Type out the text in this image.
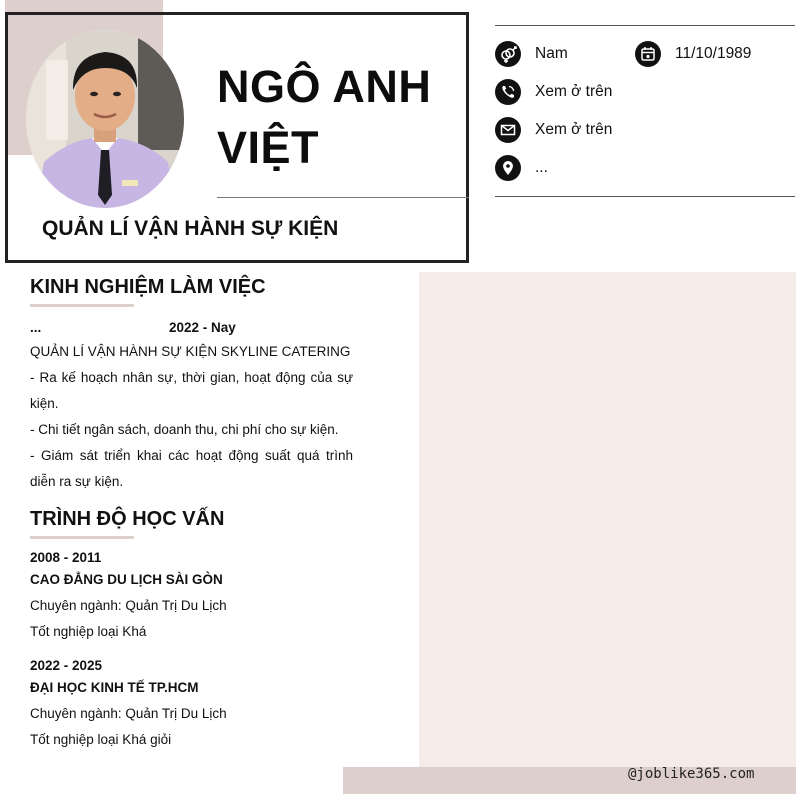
NGÔ ANH
VIỆT
QUẢN LÍ VẬN HÀNH SỰ KIỆN
Nam	11/10/1989
Xem ở trên
Xem ở trên
...
KINH NGHIỆM LÀM VIỆC
...	2022 - Nay
QUẢN LÍ VẬN HÀNH SỰ KIỆN SKYLINE CATERING
- Ra kế hoạch nhân sự, thời gian, hoạt động của sự kiện.
- Chi tiết ngân sách, doanh thu, chi phí cho sự kiện.
- Giám sát triển khai các hoạt động suất quá trình diễn ra sự kiện.
TRÌNH ĐỘ HỌC VẤN
2008 - 2011
CAO ĐẲNG DU LỊCH SÀI GÒN
Chuyên ngành: Quản Trị Du Lịch
Tốt nghiệp loại Khá
2022 - 2025
ĐẠI HỌC KINH TẾ TP.HCM
Chuyên ngành: Quản Trị Du Lịch
Tốt nghiệp loại Khá giỏi
@joblike365.com
